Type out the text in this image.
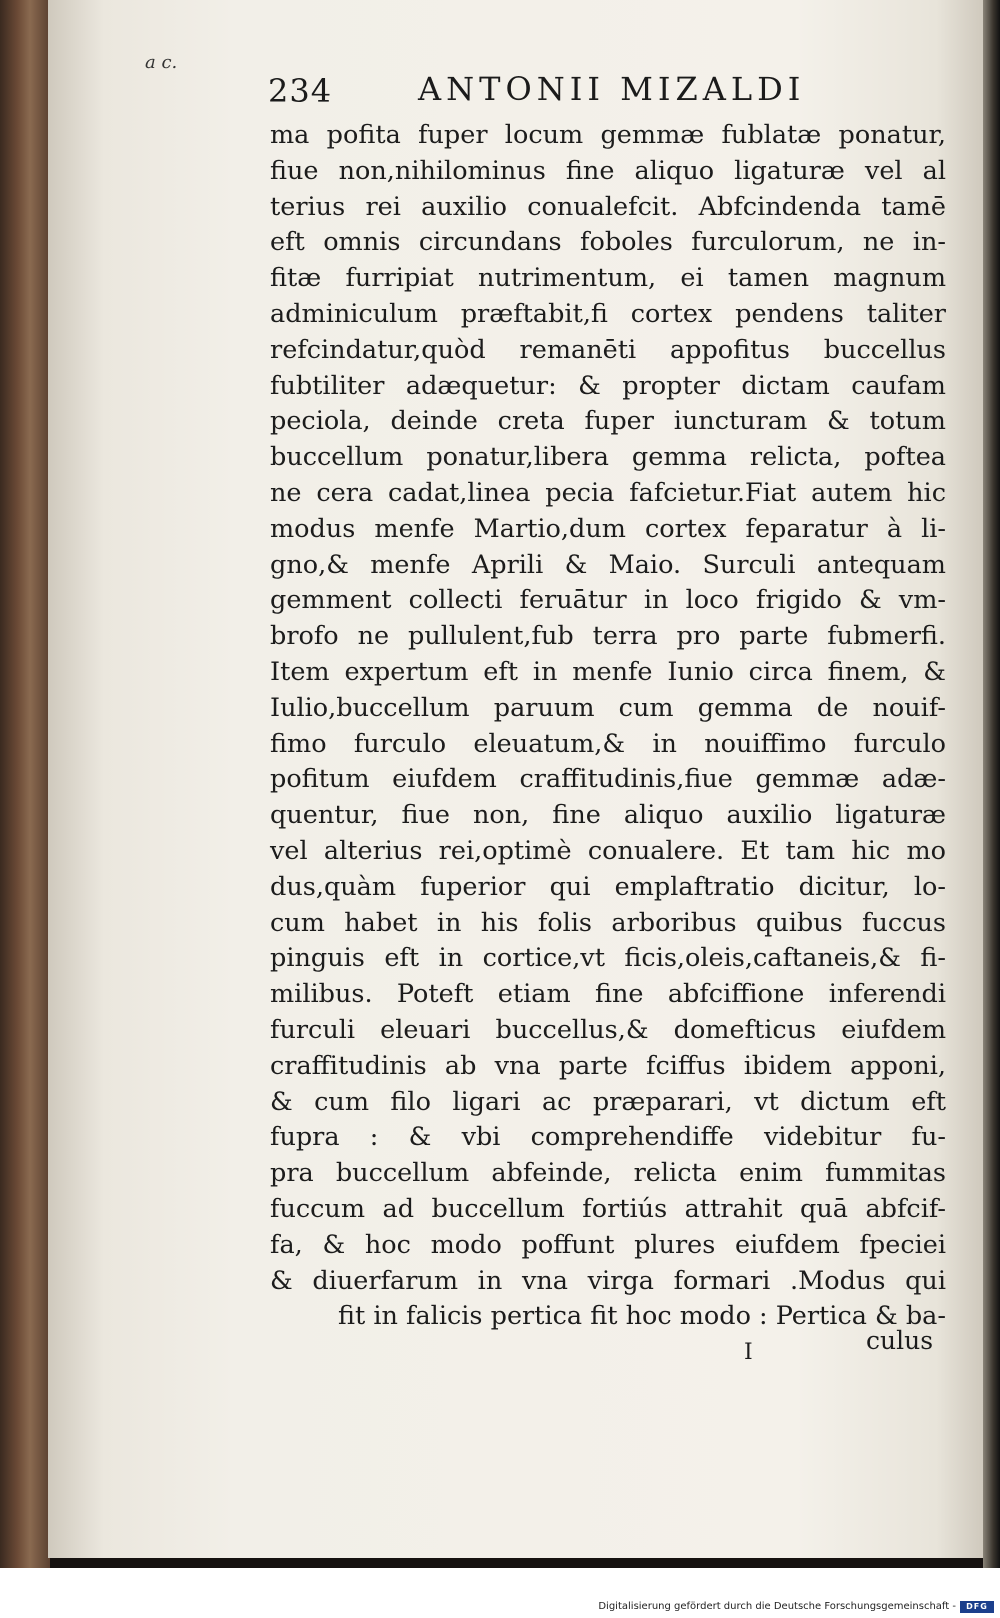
a c.
234	ANTONII MIZALDI
ma pofita fuper locum gemmæ fublatæ ponatur,
fiue non,nihilominus fine aliquo ligaturæ vel al
terius rei auxilio conualefcit. Abfcindenda tamē
eft omnis circundans foboles furculorum, ne in-
fitæ furripiat nutrimentum, ei tamen magnum
adminiculum præftabit,fi cortex pendens taliter
refcindatur,quòd remanēti appofitus buccellus
fubtiliter adæquetur: & propter dictam caufam
peciola, deinde creta fuper iuncturam & totum
buccellum ponatur,libera gemma relicta, poftea
ne cera cadat,linea pecia fafcietur.Fiat autem hic
modus menfe Martio,dum cortex feparatur à li-
gno,& menfe Aprili & Maio. Surculi antequam
gemment collecti feruātur in loco frigido & vm-
brofo ne pullulent,fub terra pro parte fubmerfi.
Item expertum eft in menfe Iunio circa finem, &
Iulio,buccellum paruum cum gemma de nouif-
fimo furculo eleuatum,& in nouiffimo furculo
pofitum eiufdem craffitudinis,fiue gemmæ adæ-
quentur, fiue non, fine aliquo auxilio ligaturæ
vel alterius rei,optimè conualere. Et tam hic mo
dus,quàm fuperior qui emplaftratio dicitur, lo-
cum habet in his folis arboribus quibus fuccus
pinguis eft in cortice,vt ficis,oleis,caftaneis,& fi-
milibus. Poteft etiam fine abfciffione inferendi
furculi eleuari buccellus,& domefticus eiufdem
craffitudinis ab vna parte fciffus ibidem apponi,
& cum filo ligari ac præparari, vt dictum eft
fupra : & vbi comprehendiffe videbitur fu-
pra buccellum abfeinde, relicta enim fummitas
fuccum ad buccellum fortiús attrahit quā abfcif-
fa, & hoc modo poffunt plures eiufdem fpeciei
& diuerfarum in vna virga formari .Modus qui
fit in falicis pertica fit hoc modo : Pertica & ba-
I	culus
Digitalisierung gefördert durch die Deutsche Forschungsgemeinschaft -	DFG
